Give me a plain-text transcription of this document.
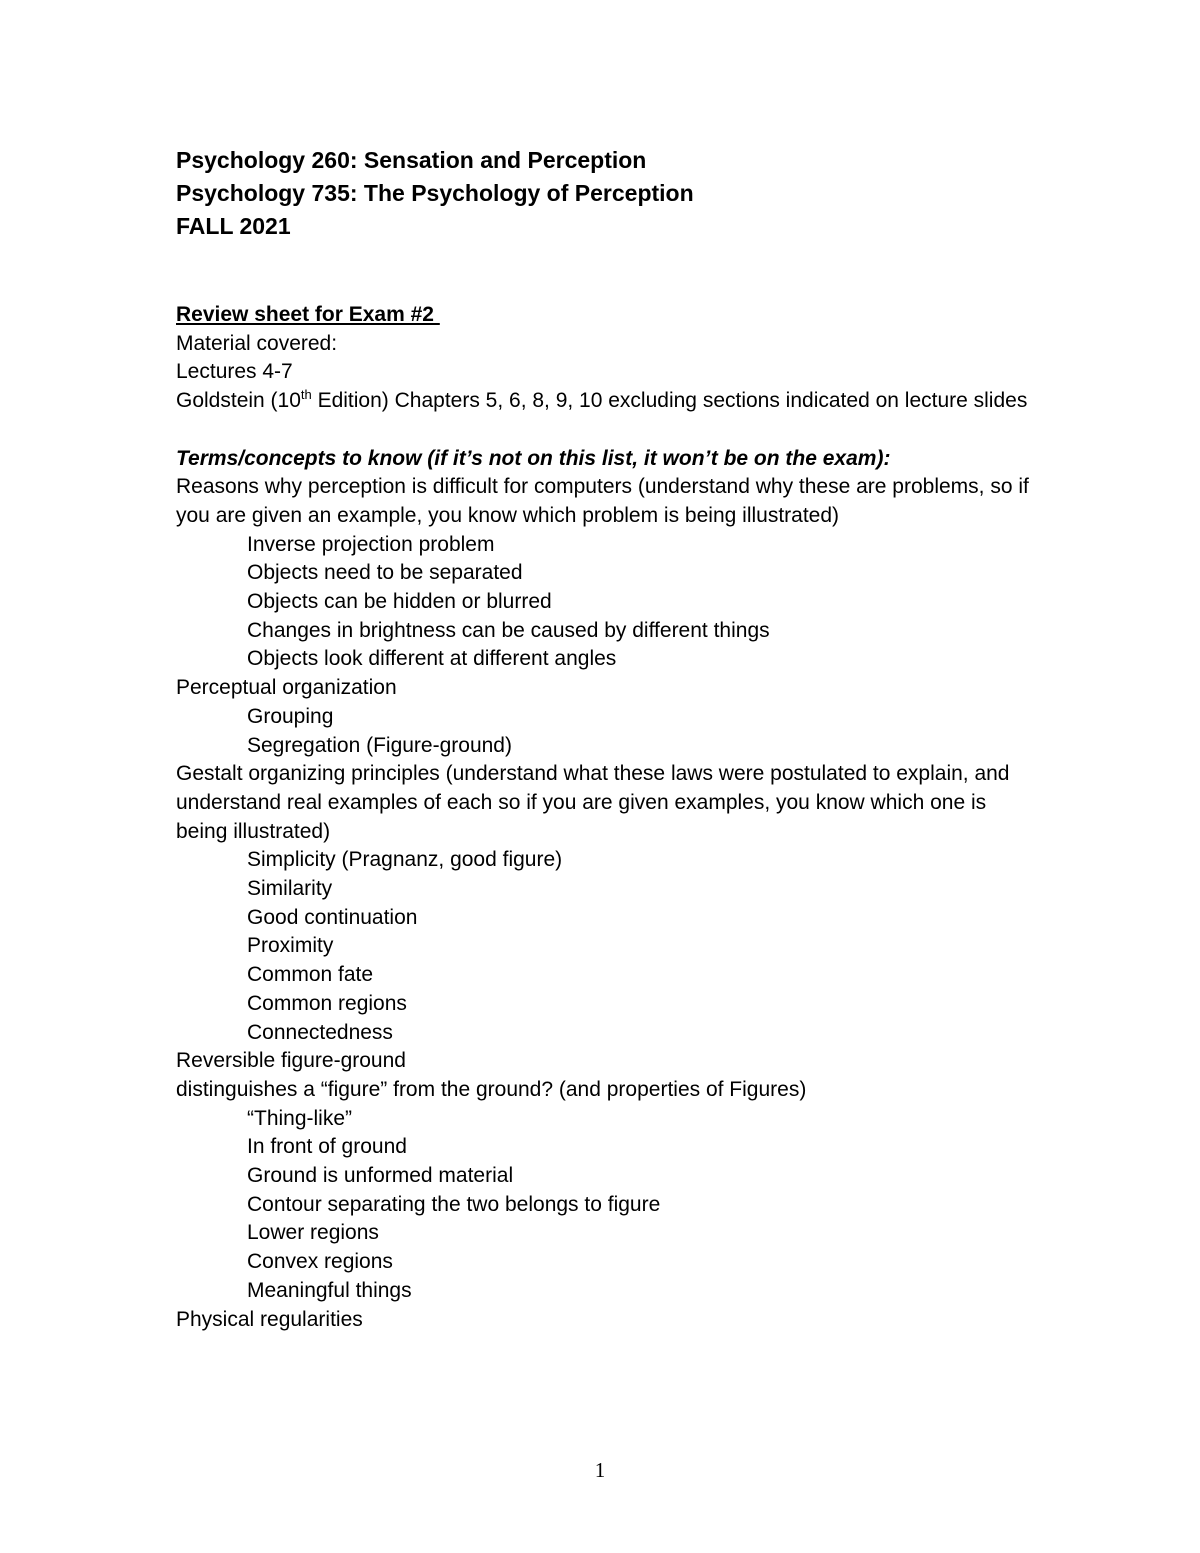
Psychology 260: Sensation and Perception
Psychology 735: The Psychology of Perception
FALL 2021
Review sheet for Exam #2
Material covered:
Lectures 4-7
Goldstein (10th Edition) Chapters 5, 6, 8, 9, 10 excluding sections indicated on lecture slides
Terms/concepts to know (if it’s not on this list, it won’t be on the exam):
Reasons why perception is difficult for computers (understand why these are problems, so if you are given an example, you know which problem is being illustrated)
Inverse projection problem
Objects need to be separated
Objects can be hidden or blurred
Changes in brightness can be caused by different things
Objects look different at different angles
Perceptual organization
Grouping
Segregation (Figure-ground)
Gestalt organizing principles (understand what these laws were postulated to explain, and understand real examples of each so if you are given examples, you know which one is being illustrated)
Simplicity (Pragnanz, good figure)
Similarity
Good continuation
Proximity
Common fate
Common regions
Connectedness
Reversible figure-ground
distinguishes a “figure” from the ground? (and properties of Figures)
“Thing-like”
In front of ground
Ground is unformed material
Contour separating the two belongs to figure
Lower regions
Convex regions
Meaningful things
Physical regularities
1
